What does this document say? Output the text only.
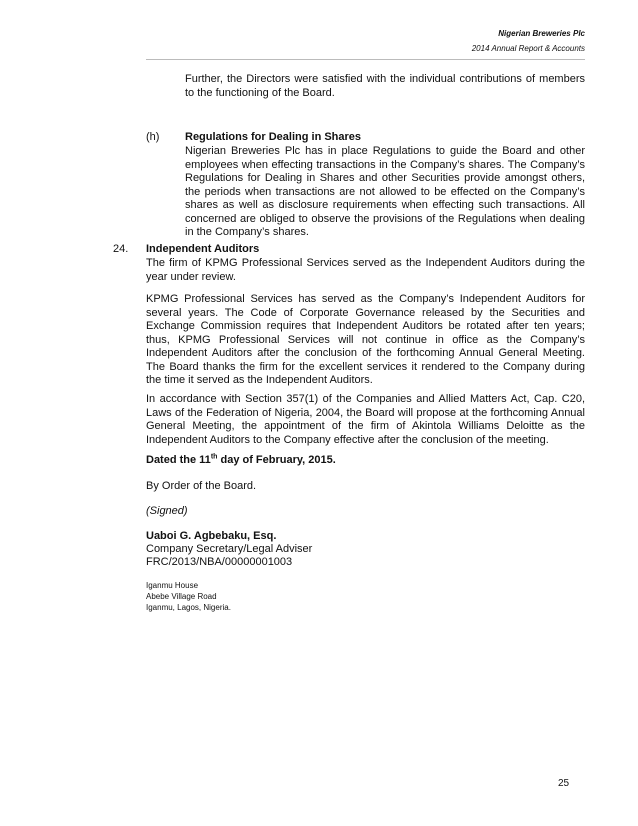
Nigerian Breweries Plc
2014 Annual Report & Accounts

Further, the Directors were satisfied with the individual contributions of members to the functioning of the Board.

(h) Regulations for Dealing in Shares

Nigerian Breweries Plc has in place Regulations to guide the Board and other employees when effecting transactions in the Company’s shares. The Company’s Regulations for Dealing in Shares and other Securities provide amongst others, the periods when transactions are not allowed to be effected on the Company’s shares as well as disclosure requirements when effecting such transactions. All concerned are obliged to observe the provisions of the Regulations when dealing in the Company’s shares.

24. Independent Auditors

The firm of KPMG Professional Services served as the Independent Auditors during the year under review.

KPMG Professional Services has served as the Company’s Independent Auditors for several years. The Code of Corporate Governance released by the Securities and Exchange Commission requires that Independent Auditors be rotated after ten years; thus, KPMG Professional Services will not continue in office as the Company’s Independent Auditors after the conclusion of the forthcoming Annual General Meeting. The Board thanks the firm for the excellent services it rendered to the Company during the time it served as the Independent Auditors.

In accordance with Section 357(1) of the Companies and Allied Matters Act, Cap. C20, Laws of the Federation of Nigeria, 2004, the Board will propose at the forthcoming Annual General Meeting, the appointment of the firm of Akintola Williams Deloitte as the Independent Auditors to the Company effective after the conclusion of the meeting.

Dated the 11th day of February, 2015.

By Order of the Board.

(Signed)

Uaboi G. Agbebaku, Esq.

Company Secretary/Legal Adviser

FRC/2013/NBA/00000001003

Iganmu House

Abebe Village Road

Iganmu, Lagos, Nigeria.

25
